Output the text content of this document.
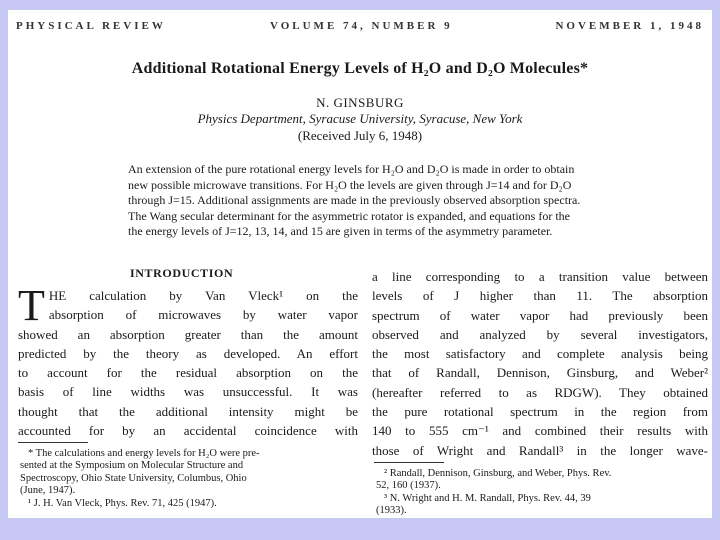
PHYSICAL REVIEW	VOLUME 74, NUMBER 9	NOVEMBER 1, 1948
Additional Rotational Energy Levels of H₂O and D₂O Molecules*
N. GINSBURG
Physics Department, Syracuse University, Syracuse, New York
(Received July 6, 1948)
An extension of the pure rotational energy levels for H₂O and D₂O is made in order to obtain
new possible microwave transitions. For H₂O the levels are given through J=14 and for D₂O
through J=15. Additional assignments are made in the previously observed absorption spectra.
The Wang secular determinant for the asymmetric rotator is expanded, and equations for the
the energy levels of J=12, 13, 14, and 15 are given in terms of the asymmetry parameter.
INTRODUCTION
T HE calculation by Van Vleck¹ on the
absorption of microwaves by water vapor
showed an absorption greater than the amount
predicted by the theory as developed. An effort
to account for the residual absorption on the
basis of line widths was unsuccessful. It was
thought that the additional intensity might be
accounted for by an accidental coincidence with
* The calculations and energy levels for H₂O were pre-
sented at the Symposium on Molecular Structure and
Spectroscopy, Ohio State University, Columbus, Ohio
(June, 1947).
¹ J. H. Van Vleck, Phys. Rev. 71, 425 (1947).
a line corresponding to a transition value between
levels of J higher than 11. The absorption
spectrum of water vapor had previously been
observed and analyzed by several investigators,
the most satisfactory and complete analysis being
that of Randall, Dennison, Ginsburg, and Weber²
(hereafter referred to as RDGW). They obtained
the pure rotational spectrum in the region from
140 to 555 cm⁻¹ and combined their results with
those of Wright and Randall³ in the longer wave-
² Randall, Dennison, Ginsburg, and Weber, Phys. Rev.
52, 160 (1937).
³ N. Wright and H. M. Randall, Phys. Rev. 44, 39
(1933).
